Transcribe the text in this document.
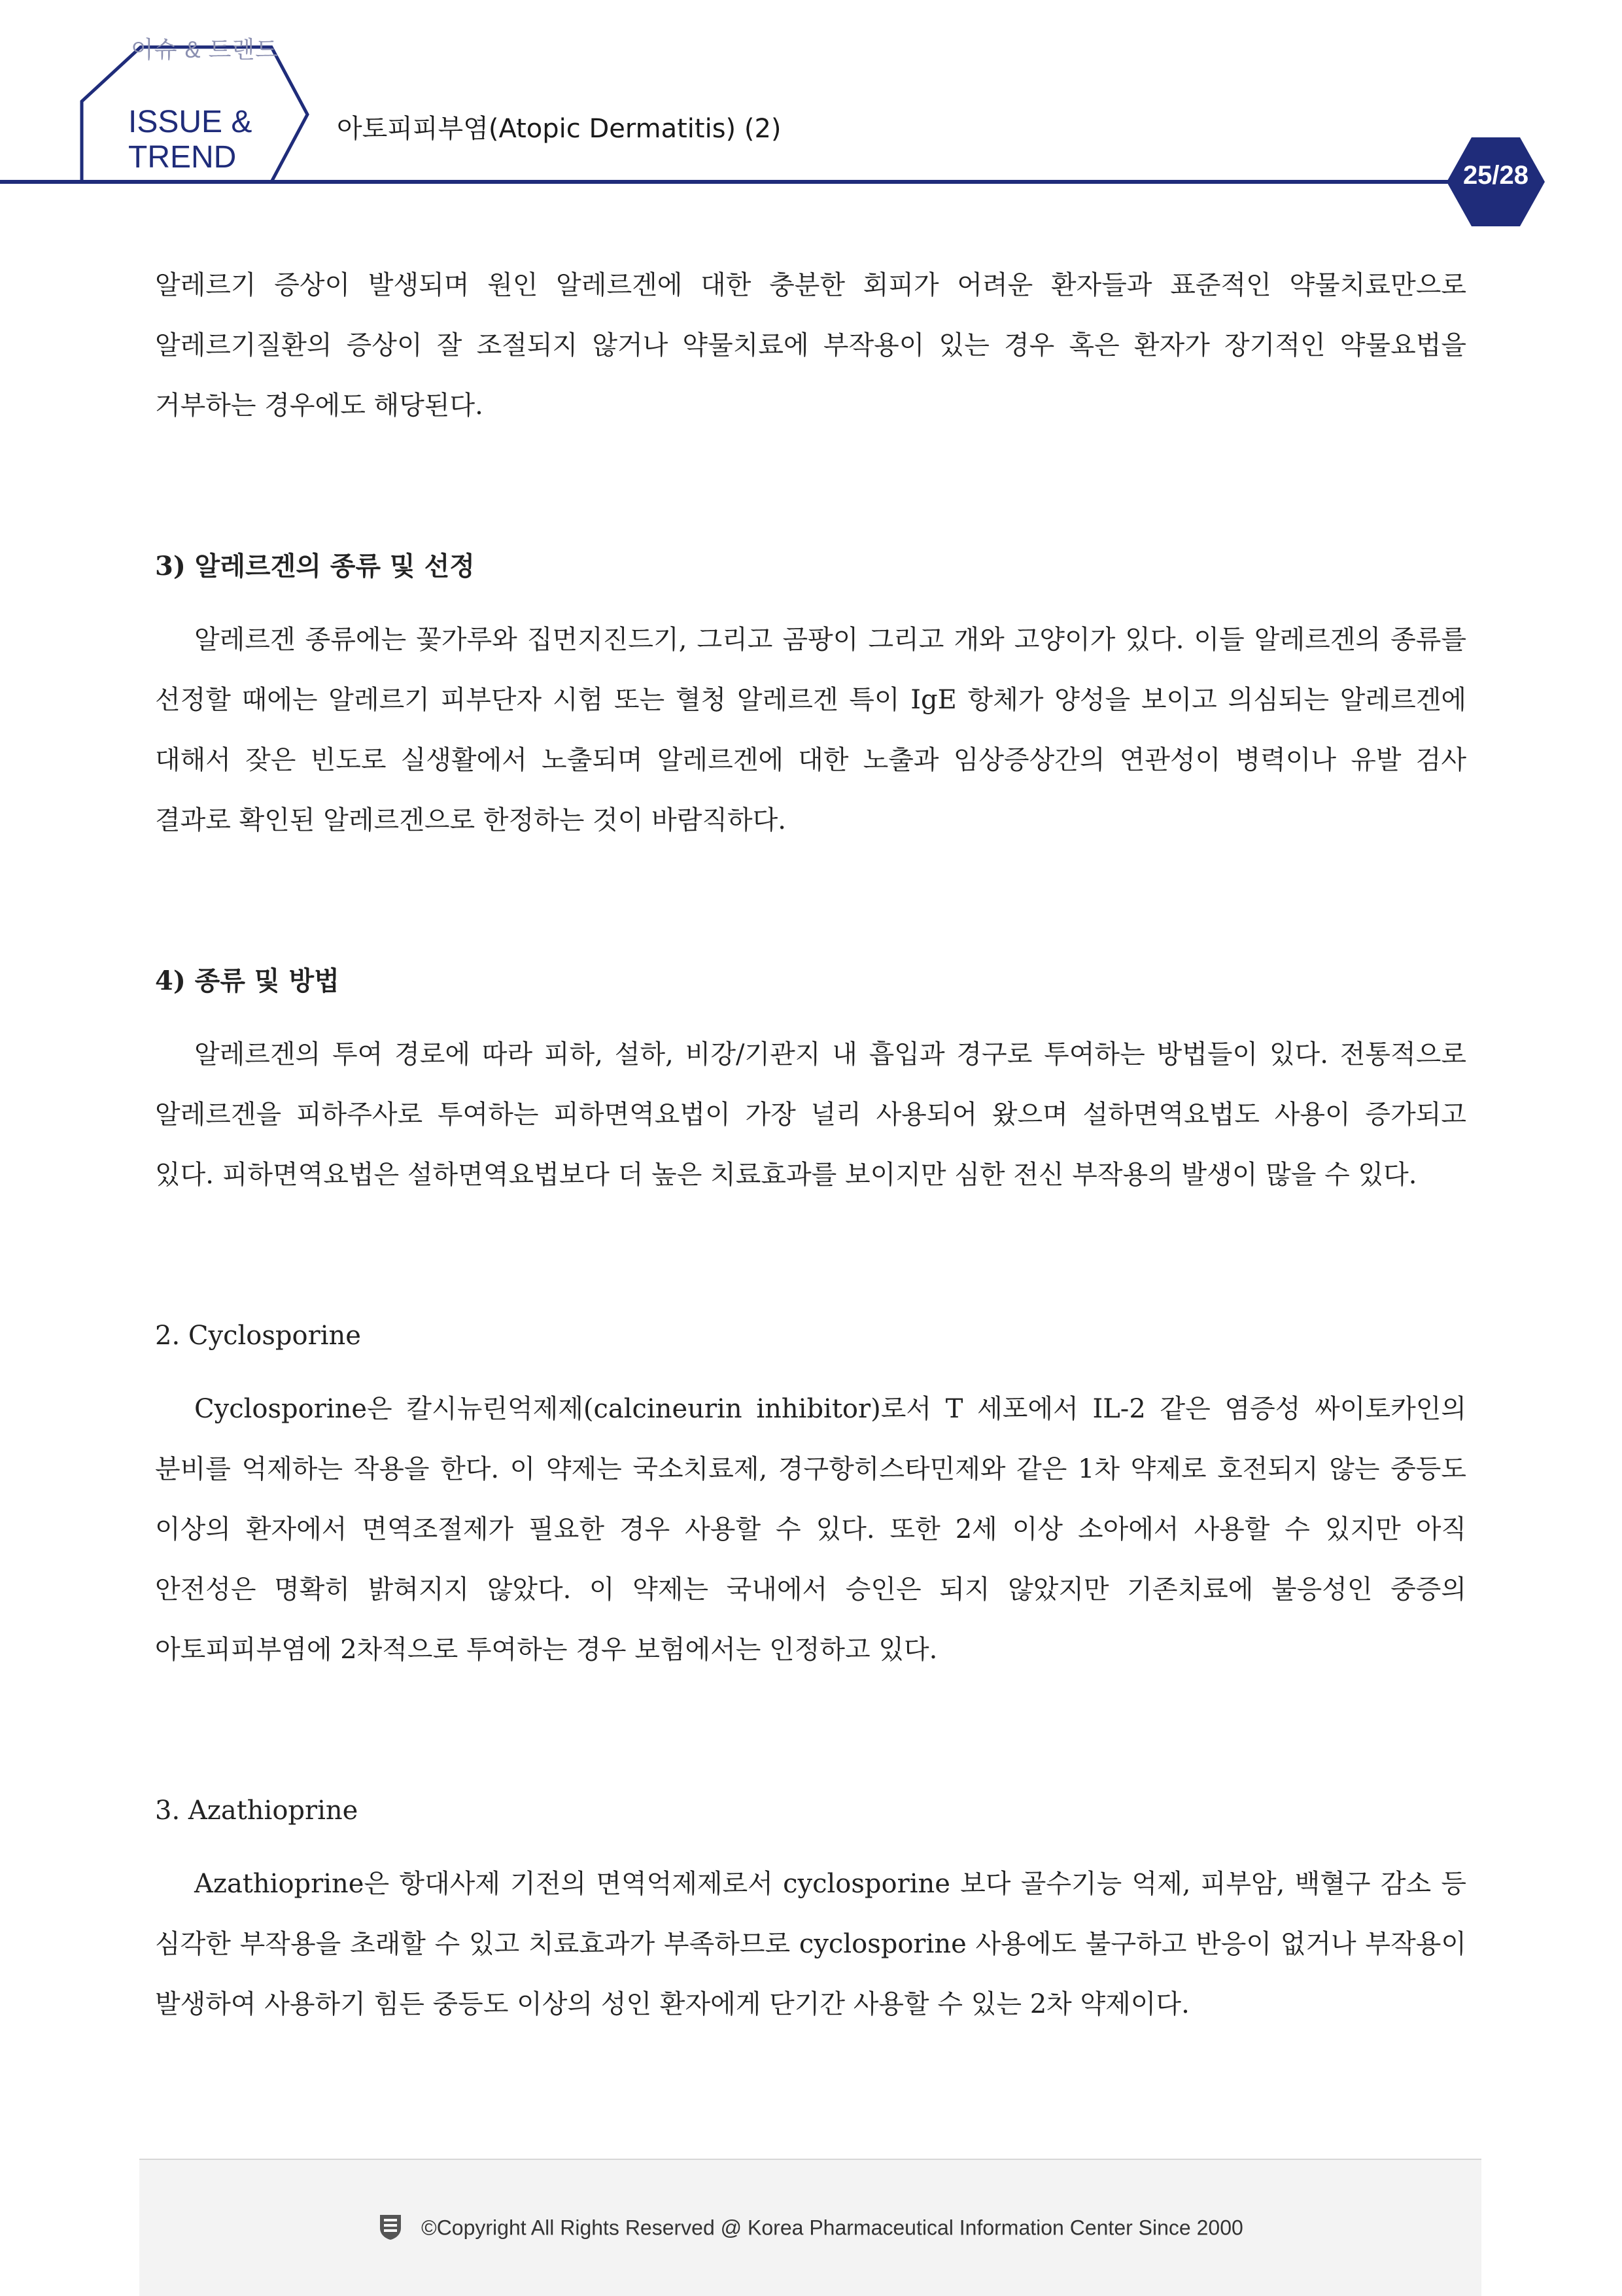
이슈 & 트렌드
ISSUE &
TREND
아토피피부염(Atopic Dermatitis) (2)
25/28

알레르기 증상이 발생되며 원인 알레르겐에 대한 충분한 회피가 어려운 환자들과 표준적인 약물치료만으로 알레르기질환의 증상이 잘 조절되지 않거나 약물치료에 부작용이 있는 경우 혹은 환자가 장기적인 약물요법을 거부하는 경우에도 해당된다.

3) 알레르겐의 종류 및 선정

알레르겐 종류에는 꽃가루와 집먼지진드기, 그리고 곰팡이 그리고 개와 고양이가 있다. 이들 알레르겐의 종류를 선정할 때에는 알레르기 피부단자 시험 또는 혈청 알레르겐 특이 IgE 항체가 양성을 보이고 의심되는 알레르겐에 대해서 잦은 빈도로 실생활에서 노출되며 알레르겐에 대한 노출과 임상증상간의 연관성이 병력이나 유발 검사 결과로 확인된 알레르겐으로 한정하는 것이 바람직하다.

4) 종류 및 방법

알레르겐의 투여 경로에 따라 피하, 설하, 비강/기관지 내 흡입과 경구로 투여하는 방법들이 있다. 전통적으로 알레르겐을 피하주사로 투여하는 피하면역요법이 가장 널리 사용되어 왔으며 설하면역요법도 사용이 증가되고 있다. 피하면역요법은 설하면역요법보다 더 높은 치료효과를 보이지만 심한 전신 부작용의 발생이 많을 수 있다.

2. Cyclosporine

Cyclosporine은 칼시뉴린억제제(calcineurin inhibitor)로서 T 세포에서 IL-2 같은 염증성 싸이토카인의 분비를 억제하는 작용을 한다. 이 약제는 국소치료제, 경구항히스타민제와 같은 1차 약제로 호전되지 않는 중등도 이상의 환자에서 면역조절제가 필요한 경우 사용할 수 있다. 또한 2세 이상 소아에서 사용할 수 있지만 아직 안전성은 명확히 밝혀지지 않았다. 이 약제는 국내에서 승인은 되지 않았지만 기존치료에 불응성인 중증의 아토피피부염에 2차적으로 투여하는 경우 보험에서는 인정하고 있다.

3. Azathioprine

Azathioprine은 항대사제 기전의 면역억제제로서 cyclosporine 보다 골수기능 억제, 피부암, 백혈구 감소 등 심각한 부작용을 초래할 수 있고 치료효과가 부족하므로 cyclosporine 사용에도 불구하고 반응이 없거나 부작용이 발생하여 사용하기 힘든 중등도 이상의 성인 환자에게 단기간 사용할 수 있는 2차 약제이다.

©Copyright All Rights Reserved @ Korea Pharmaceutical Information Center Since 2000
